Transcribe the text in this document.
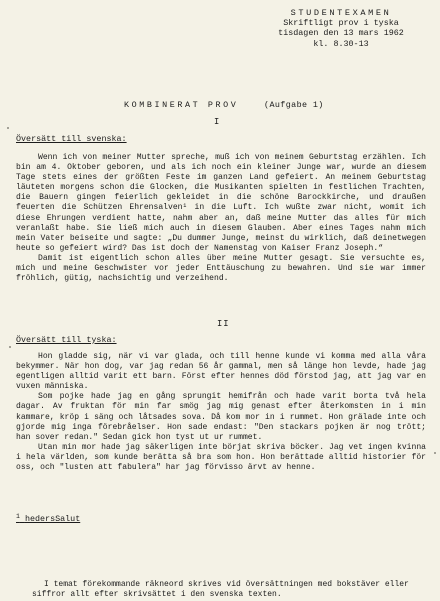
STUDENTEXAMEN
Skriftligt prov i tyska
tisdagen den 13 mars 1962
kl. 8.30-13
KOMBINERAT PROV	(Aufgabe 1)
I
Översätt till svenska:

Wenn ich von meiner Mutter spreche, muß ich von meinem Geburtstag erzählen. Ich bin am 4. Oktober geboren, und als ich noch ein kleiner Junge war, wurde an diesem Tage stets eines der größten Feste im ganzen Land gefeiert. An meinem Geburtstag läuteten morgens schon die Glocken, die Musikanten spielten in festlichen Trachten, die Bauern gingen feierlich gekleidet in die schöne Barockkirche, und draußen feuerten die Schützen Ehrensalven¹ in die Luft. Ich wußte zwar nicht, womit ich diese Ehrungen verdient hatte, nahm aber an, daß meine Mutter das alles für mich veranlaßt habe. Sie ließ mich auch in diesem Glauben. Aber eines Tages nahm mich mein Vater beiseite und sagte: „Du dummer Junge, meinst du wirklich, daß deinetwegen heute so gefeiert wird? Das ist doch der Namenstag von Kaiser Franz Joseph.“

Damit ist eigentlich schon alles über meine Mutter gesagt. Sie versuchte es, mich und meine Geschwister vor jeder Enttäuschung zu bewahren. Und sie war immer fröhlich, gütig, nachsichtig und verzeihend.

II
Översätt till tyska:

Hon gladde sig, när vi var glada, och till henne kunde vi komma med alla våra bekymmer. När hon dog, var jag redan 56 år gammal, men så länge hon levde, hade jag egentligen alltid varit ett barn. Först efter hennes död förstod jag, att jag var en vuxen människa.

Som pojke hade jag en gång sprungit hemifrån och hade varit borta två hela dagar. Av fruktan för min far smög jag mig genast efter återkomsten in i min kammare, kröp i säng och låtsades sova. Då kom mor in i rummet. Hon grälade inte och gjorde mig inga förebråelser. Hon sade endast: "Den stackars pojken är nog trött; han sover redan." Sedan gick hon tyst ut ur rummet.

Utan min mor hade jag säkerligen inte börjat skriva böcker. Jag vet ingen kvinna i hela världen, som kunde berätta så bra som hon. Hon berättade alltid historier för oss, och "lusten att fabulera" har jag förvisso ärvt av henne.

$^1$ hedersSalut
I temat förekommande räkneord skrives vid översättningen med bokstäver eller siffror allt efter skrivsättet i den svenska texten.
